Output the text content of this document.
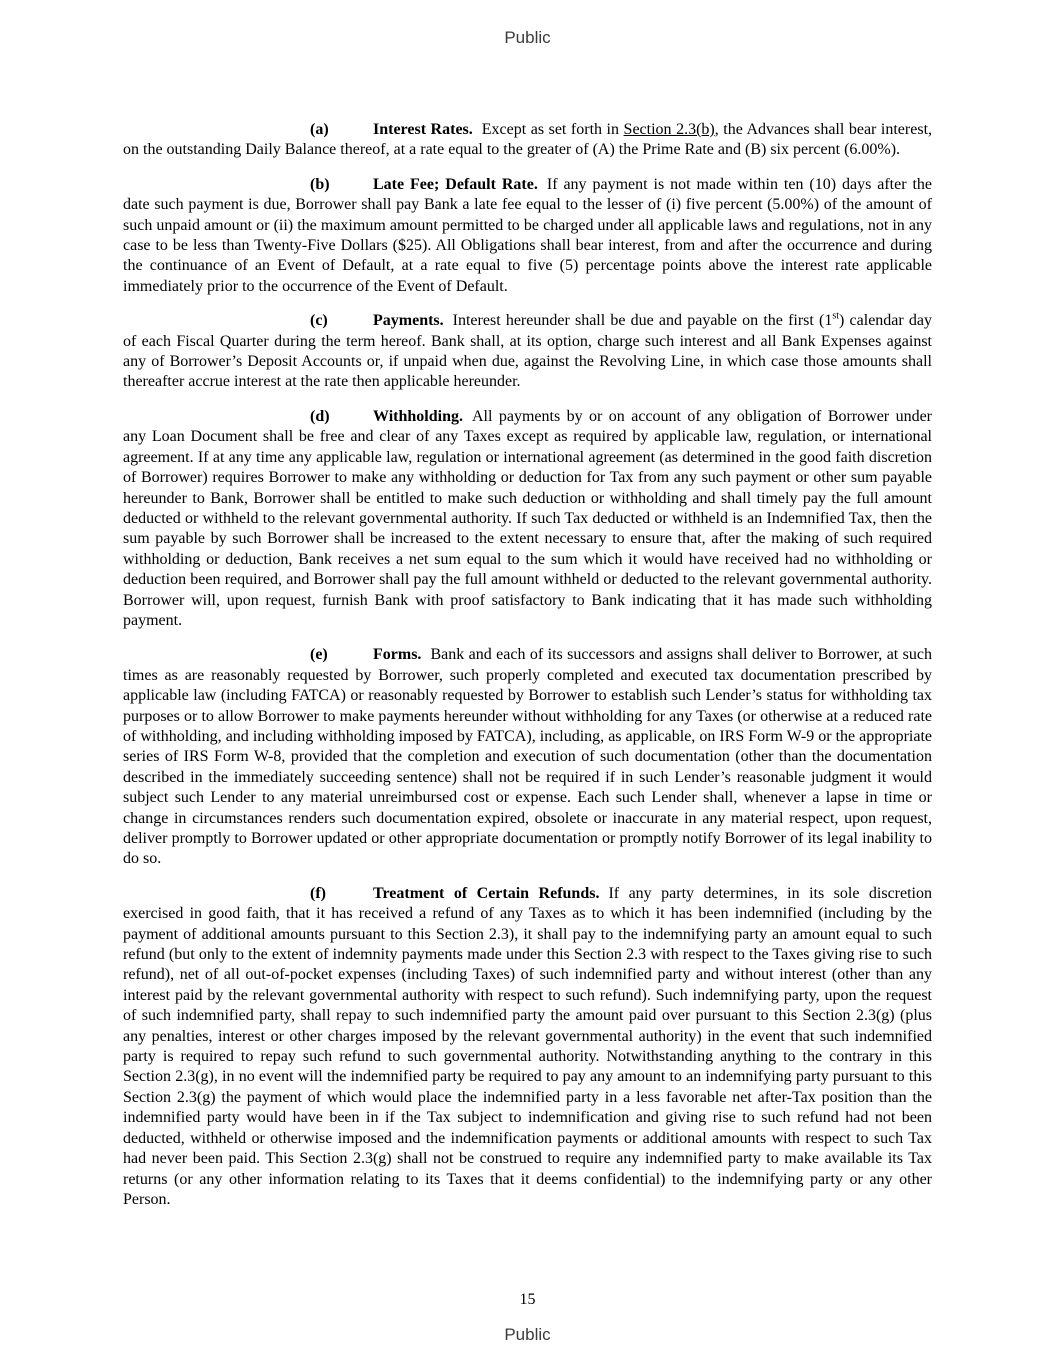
Public

(a)	Interest Rates. Except as set forth in Section 2.3(b), the Advances shall bear interest, on the outstanding Daily Balance thereof, at a rate equal to the greater of (A) the Prime Rate and (B) six percent (6.00%).

(b)	Late Fee; Default Rate. If any payment is not made within ten (10) days after the date such payment is due, Borrower shall pay Bank a late fee equal to the lesser of (i) five percent (5.00%) of the amount of such unpaid amount or (ii) the maximum amount permitted to be charged under all applicable laws and regulations, not in any case to be less than Twenty-Five Dollars ($25). All Obligations shall bear interest, from and after the occurrence and during the continuance of an Event of Default, at a rate equal to five (5) percentage points above the interest rate applicable immediately prior to the occurrence of the Event of Default.

(c)	Payments. Interest hereunder shall be due and payable on the first (1st) calendar day of each Fiscal Quarter during the term hereof. Bank shall, at its option, charge such interest and all Bank Expenses against any of Borrower’s Deposit Accounts or, if unpaid when due, against the Revolving Line, in which case those amounts shall thereafter accrue interest at the rate then applicable hereunder.

(d)	Withholding. All payments by or on account of any obligation of Borrower under any Loan Document shall be free and clear of any Taxes except as required by applicable law, regulation, or international agreement. If at any time any applicable law, regulation or international agreement (as determined in the good faith discretion of Borrower) requires Borrower to make any withholding or deduction for Tax from any such payment or other sum payable hereunder to Bank, Borrower shall be entitled to make such deduction or withholding and shall timely pay the full amount deducted or withheld to the relevant governmental authority. If such Tax deducted or withheld is an Indemnified Tax, then the sum payable by such Borrower shall be increased to the extent necessary to ensure that, after the making of such required withholding or deduction, Bank receives a net sum equal to the sum which it would have received had no withholding or deduction been required, and Borrower shall pay the full amount withheld or deducted to the relevant governmental authority. Borrower will, upon request, furnish Bank with proof satisfactory to Bank indicating that it has made such withholding payment.

(e)	Forms. Bank and each of its successors and assigns shall deliver to Borrower, at such times as are reasonably requested by Borrower, such properly completed and executed tax documentation prescribed by applicable law (including FATCA) or reasonably requested by Borrower to establish such Lender’s status for withholding tax purposes or to allow Borrower to make payments hereunder without withholding for any Taxes (or otherwise at a reduced rate of withholding, and including withholding imposed by FATCA), including, as applicable, on IRS Form W-9 or the appropriate series of IRS Form W-8, provided that the completion and execution of such documentation (other than the documentation described in the immediately succeeding sentence) shall not be required if in such Lender’s reasonable judgment it would subject such Lender to any material unreimbursed cost or expense. Each such Lender shall, whenever a lapse in time or change in circumstances renders such documentation expired, obsolete or inaccurate in any material respect, upon request, deliver promptly to Borrower updated or other appropriate documentation or promptly notify Borrower of its legal inability to do so.

(f)	Treatment of Certain Refunds. If any party determines, in its sole discretion exercised in good faith, that it has received a refund of any Taxes as to which it has been indemnified (including by the payment of additional amounts pursuant to this Section 2.3), it shall pay to the indemnifying party an amount equal to such refund (but only to the extent of indemnity payments made under this Section 2.3 with respect to the Taxes giving rise to such refund), net of all out-of-pocket expenses (including Taxes) of such indemnified party and without interest (other than any interest paid by the relevant governmental authority with respect to such refund). Such indemnifying party, upon the request of such indemnified party, shall repay to such indemnified party the amount paid over pursuant to this Section 2.3(g) (plus any penalties, interest or other charges imposed by the relevant governmental authority) in the event that such indemnified party is required to repay such refund to such governmental authority. Notwithstanding anything to the contrary in this Section 2.3(g), in no event will the indemnified party be required to pay any amount to an indemnifying party pursuant to this Section 2.3(g) the payment of which would place the indemnified party in a less favorable net after-Tax position than the indemnified party would have been in if the Tax subject to indemnification and giving rise to such refund had not been deducted, withheld or otherwise imposed and the indemnification payments or additional amounts with respect to such Tax had never been paid. This Section 2.3(g) shall not be construed to require any indemnified party to make available its Tax returns (or any other information relating to its Taxes that it deems confidential) to the indemnifying party or any other Person.

15
Public
